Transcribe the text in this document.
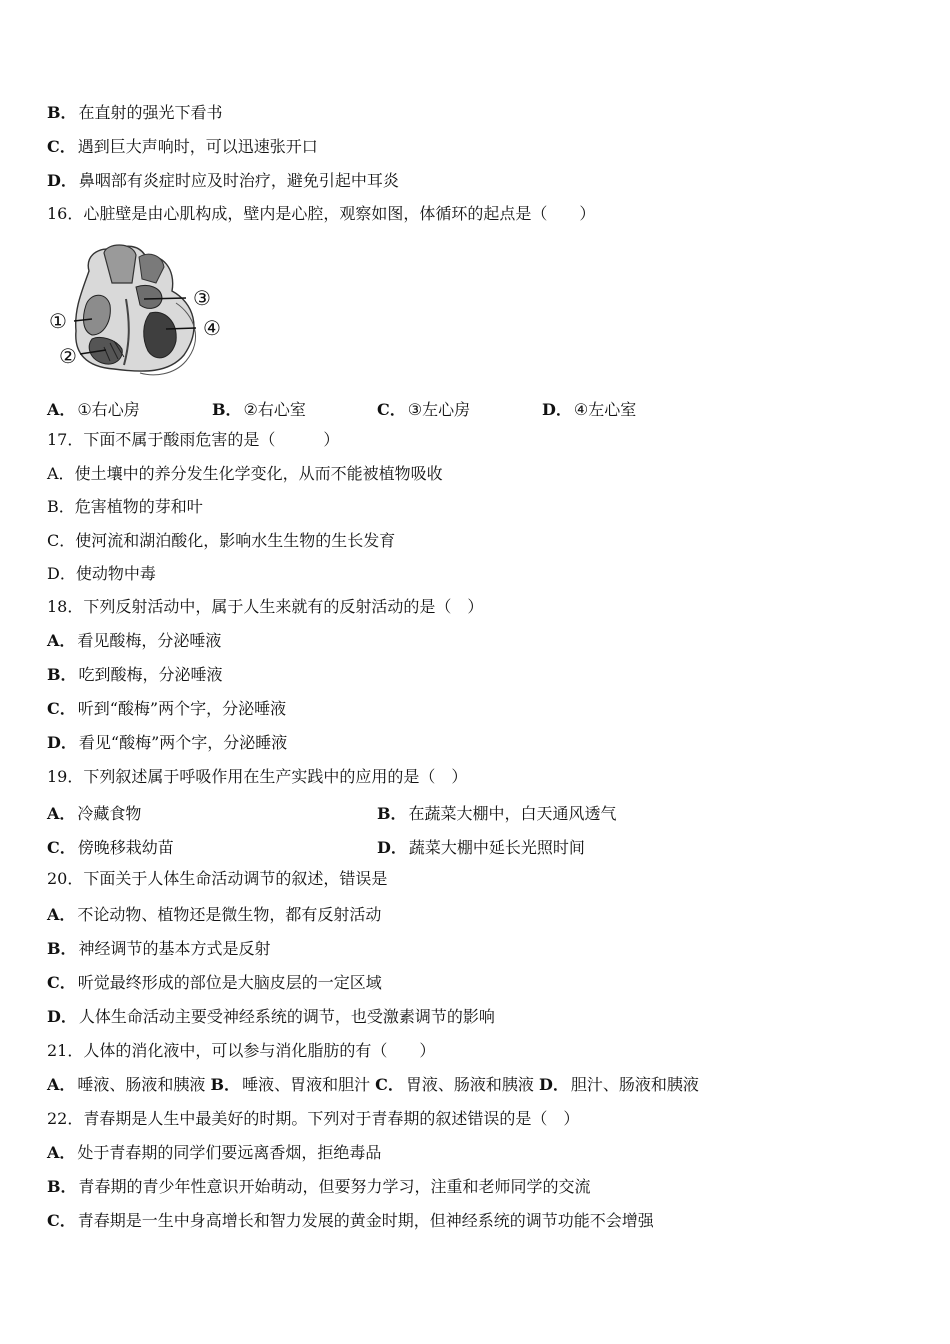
B． 在直射的强光下看书
C． 遇到巨大声响时，可以迅速张开口
D． 鼻咽部有炎症时应及时治疗，避免引起中耳炎
16．心脏壁是由心肌构成，壁内是心腔，观察如图，体循环的起点是（　　）
①
②
③
④
A． ①右心房	B． ②右心室	C． ③左心房	D． ④左心室
17．下面不属于酸雨危害的是（　　　）
A．使土壤中的养分发生化学变化，从而不能被植物吸收
B．危害植物的芽和叶
C．使河流和湖泊酸化，影响水生生物的生长发育
D．使动物中毒
18．下列反射活动中，属于人生来就有的反射活动的是（　）
A． 看见酸梅，分泌唾液
B． 吃到酸梅，分泌唾液
C． 听到“酸梅”两个字，分泌唾液
D． 看见“酸梅”两个字，分泌睡液
19．下列叙述属于呼吸作用在生产实践中的应用的是（　）
A． 冷藏食物	B． 在蔬菜大棚中，白天通风透气
C． 傍晚移栽幼苗	D． 蔬菜大棚中延长光照时间
20．下面关于人体生命活动调节的叙述，错误是
A． 不论动物、植物还是微生物，都有反射活动
B． 神经调节的基本方式是反射
C． 听觉最终形成的部位是大脑皮层的一定区域
D． 人体生命活动主要受神经系统的调节，也受激素调节的影响
21．人体的消化液中，可以参与消化脂肪的有（　　）
A． 唾液、肠液和胰液 B． 唾液、胃液和胆汁 C． 胃液、肠液和胰液 D． 胆汁、肠液和胰液
22．青春期是人生中最美好的时期。下列对于青春期的叙述错误的是（　）
A． 处于青春期的同学们要远离香烟，拒绝毒品
B． 青春期的青少年性意识开始萌动，但要努力学习，注重和老师同学的交流
C． 青春期是一生中身高增长和智力发展的黄金时期，但神经系统的调节功能不会增强
